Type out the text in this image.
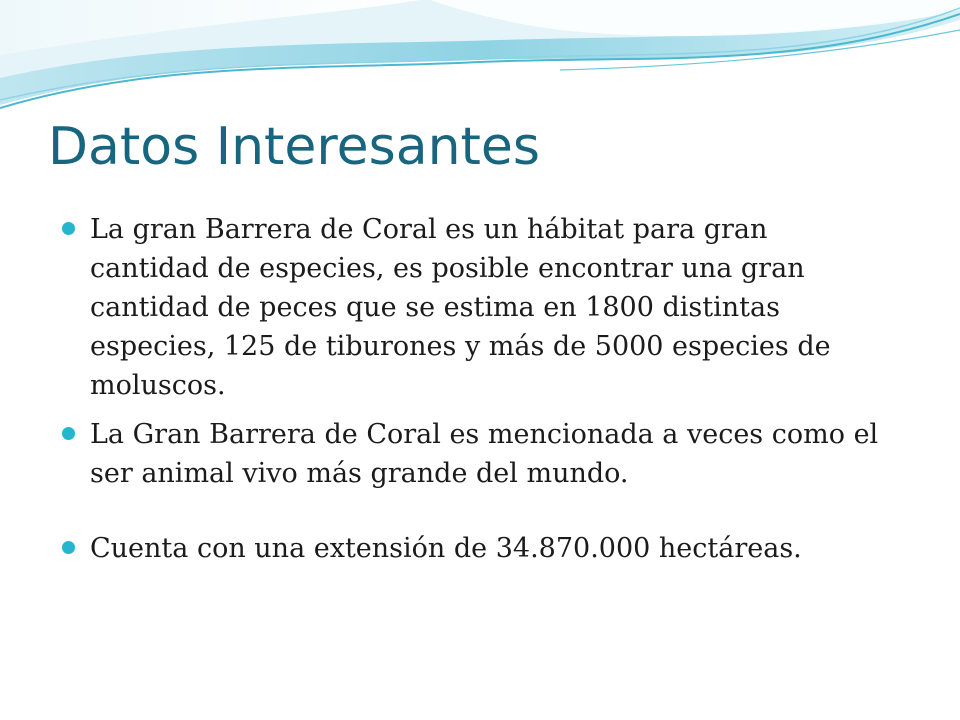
Datos Interesantes
La gran Barrera de Coral es un hábitat para gran cantidad de especies, es posible encontrar una gran cantidad de peces que se estima en 1800 distintas especies, 125 de tiburones y más de 5000 especies de moluscos.
La Gran Barrera de Coral es mencionada a veces como el ser animal vivo más grande del mundo.
Cuenta con una extensión de 34.870.000 hectáreas.
